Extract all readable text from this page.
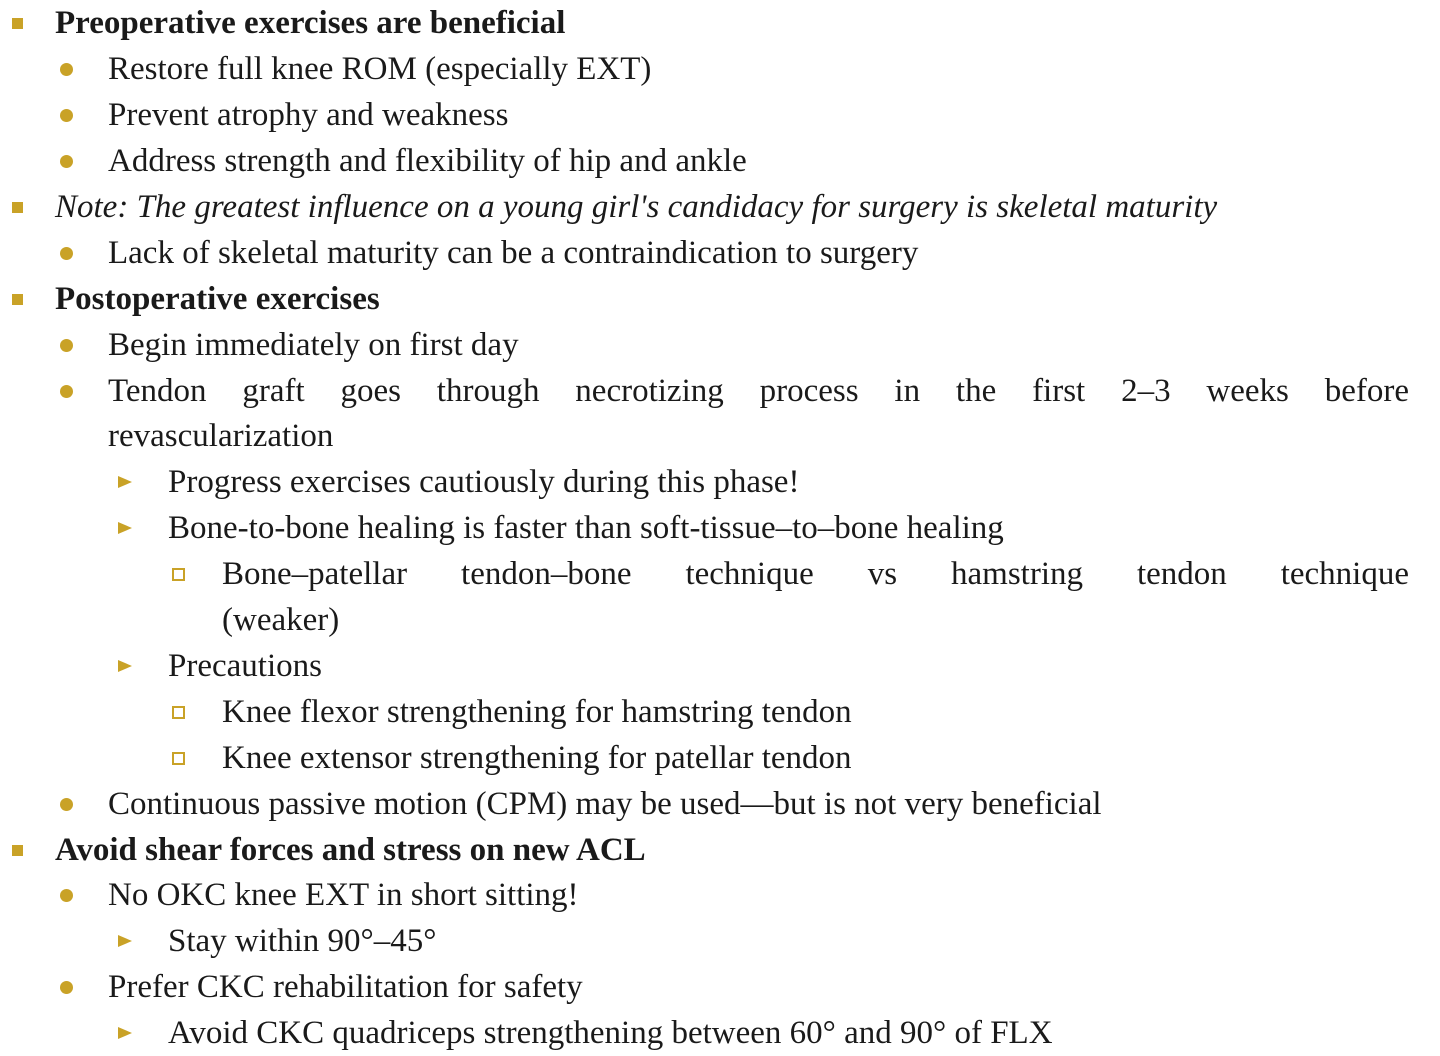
Preoperative exercises are beneficial
Restore full knee ROM (especially EXT)
Prevent atrophy and weakness
Address strength and flexibility of hip and ankle
Note: The greatest influence on a young girl's candidacy for surgery is skeletal maturity
Lack of skeletal maturity can be a contraindication to surgery
Postoperative exercises
Begin immediately on first day
Tendon graft goes through necrotizing process in the first 2–3 weeks before
revascularization
Progress exercises cautiously during this phase!
Bone-to-bone healing is faster than soft-tissue–to–bone healing
Bone–patellar tendon–bone technique vs hamstring tendon technique
(weaker)
Precautions
Knee flexor strengthening for hamstring tendon
Knee extensor strengthening for patellar tendon
Continuous passive motion (CPM) may be used—but is not very beneficial
Avoid shear forces and stress on new ACL
No OKC knee EXT in short sitting!
Stay within 90°–45°
Prefer CKC rehabilitation for safety
Avoid CKC quadriceps strengthening between 60° and 90° of FLX
